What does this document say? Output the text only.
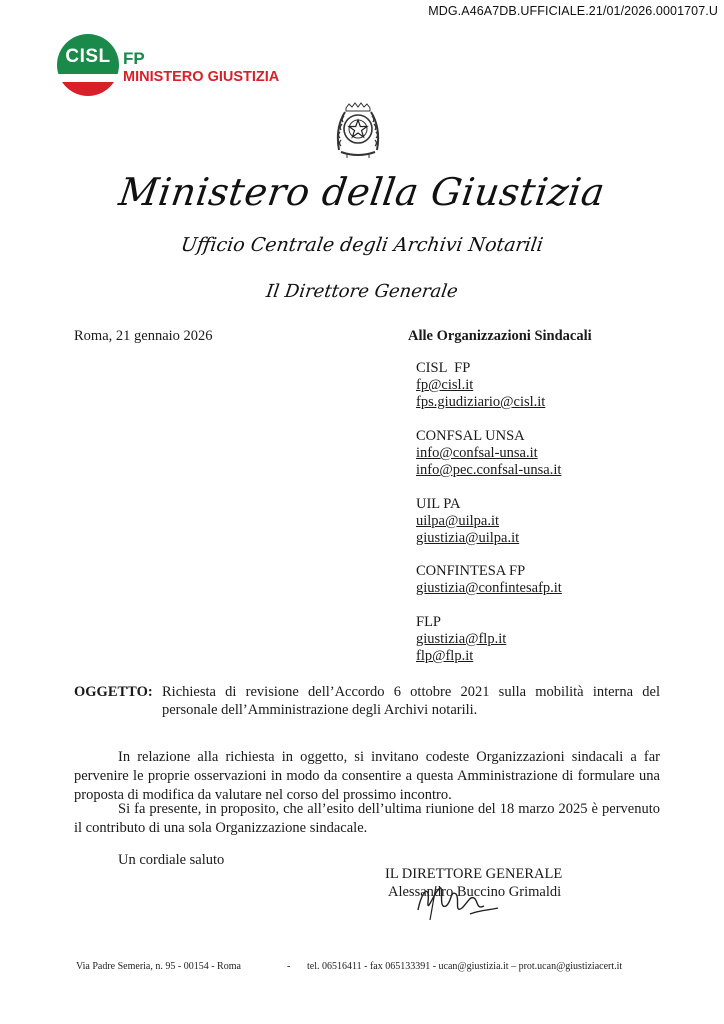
MDG.A46A7DB.UFFICIALE.21/01/2026.0001707.U
CISL FP
MINISTERO GIUSTIZIA
Ministero della Giustizia
Ufficio Centrale degli Archivi Notarili
Il Direttore Generale
Roma, 21 gennaio 2026	Alle Organizzazioni Sindacali
CISL  FP
fp@cisl.it
fps.giudiziario@cisl.it
CONFSAL UNSA
info@confsal-unsa.it
info@pec.confsal-unsa.it
UIL PA
uilpa@uilpa.it
giustizia@uilpa.it
CONFINTESA FP
giustizia@confintesafp.it
FLP
giustizia@flp.it
flp@flp.it
OGGETTO: Richiesta di revisione dell’Accordo 6 ottobre 2021 sulla mobilità interna del
personale dell’Amministrazione degli Archivi notarili.
In relazione alla richiesta in oggetto, si invitano codeste Organizzazioni sindacali a far pervenire le proprie osservazioni in modo da consentire a questa Amministrazione di formulare una proposta di modifica da valutare nel corso del prossimo incontro.
Si fa presente, in proposito, che all’esito dell’ultima riunione del 18 marzo 2025 è pervenuto il contributo di una sola Organizzazione sindacale.
Un cordiale saluto
IL DIRETTORE GENERALE
Alessandro Buccino Grimaldi
Via Padre Semeria, n. 95 - 00154 - Roma	- tel. 06516411 - fax 065133391 - ucan@giustizia.it – prot.ucan@giustiziacert.it
